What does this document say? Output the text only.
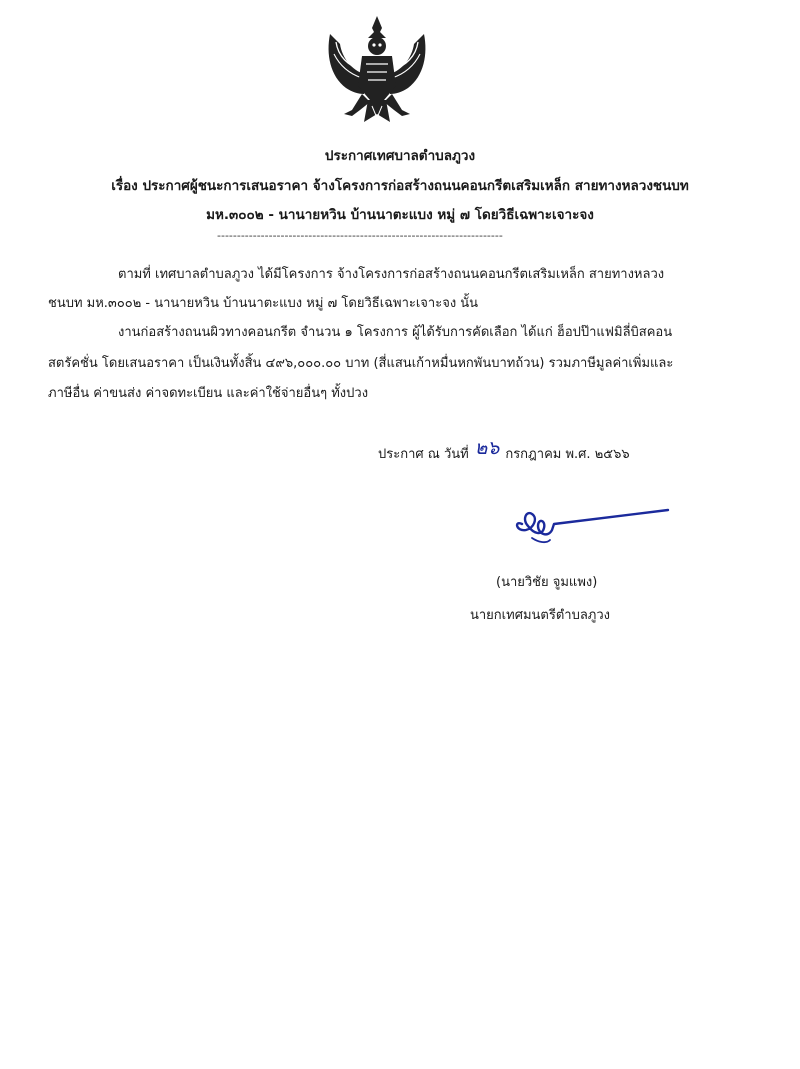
ประกาศเทศบาลตำบลภูวง
เรื่อง ประกาศผู้ชนะการเสนอราคา จ้างโครงการก่อสร้างถนนคอนกรีตเสริมเหล็ก สายทางหลวงชนบท
มห.๓๐๐๒ - นานายหวิน บ้านนาตะแบง หมู่ ๗ โดยวิธีเฉพาะเจาะจง
------------------------------------------------------------------------
ตามที่ เทศบาลตำบลภูวง ได้มีโครงการ จ้างโครงการก่อสร้างถนนคอนกรีตเสริมเหล็ก สายทางหลวง
ชนบท มห.๓๐๐๒ - นานายหวิน บ้านนาตะแบง หมู่ ๗ โดยวิธีเฉพาะเจาะจง นั้น
งานก่อสร้างถนนผิวทางคอนกรีต จำนวน ๑ โครงการ ผู้ได้รับการคัดเลือก ได้แก่ ฮ็อปป๊าแฟมิลี่บิสคอน
สตรัคชั่น โดยเสนอราคา เป็นเงินทั้งสิ้น ๔๙๖,๐๐๐.๐๐ บาท (สี่แสนเก้าหมื่นหกพันบาทถ้วน) รวมภาษีมูลค่าเพิ่มและ
ภาษีอื่น ค่าขนส่ง ค่าจดทะเบียน และค่าใช้จ่ายอื่นๆ ทั้งปวง
ประกาศ ณ วันที่ ๒๖ กรกฎาคม พ.ศ. ๒๕๖๖
(นายวิชัย จูมแพง)
นายกเทศมนตรีตำบลภูวง
